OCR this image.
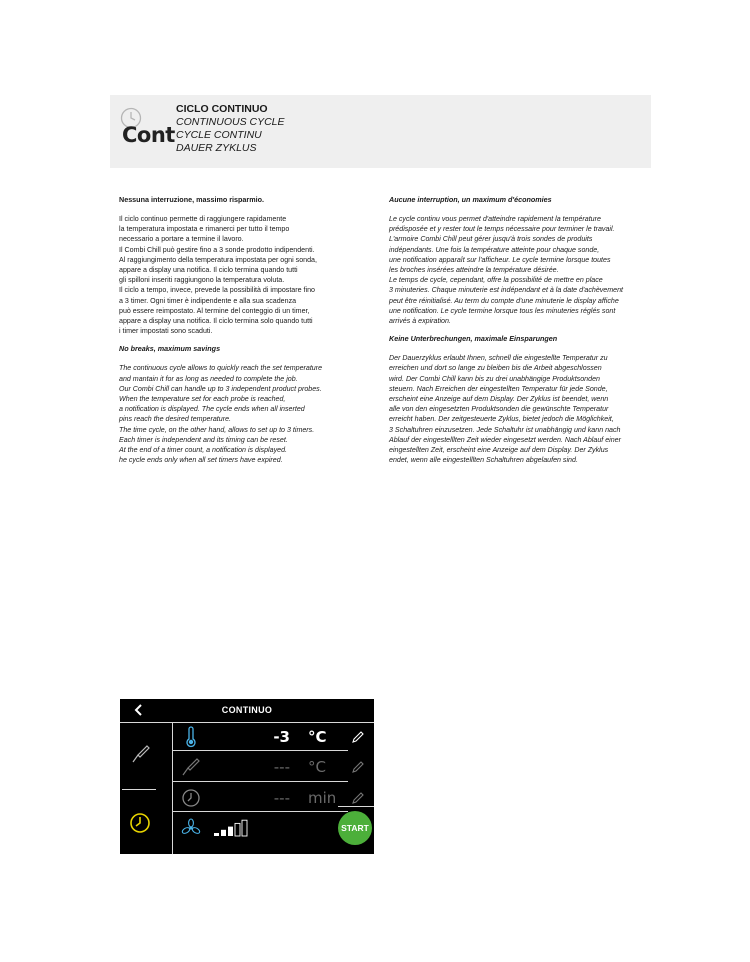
Cont
CICLO CONTINUO
CONTINUOUS CYCLE
CYCLE CONTINU
DAUER ZYKLUS
Nessuna interruzione, massimo risparmio.

Il ciclo continuo permette di raggiungere rapidamente
la temperatura impostata e rimanerci per tutto il tempo
necessario a portare a termine il lavoro.
Il Combi Chill può gestire fino a 3 sonde prodotto indipendenti.
Al raggiungimento della temperatura impostata per ogni sonda,
appare a display una notifica. Il ciclo termina quando tutti
gli spilloni inseriti raggiungono la temperatura voluta.
Il ciclo a tempo, invece, prevede la possibilità di impostare fino
a 3 timer. Ogni timer è indipendente e alla sua scadenza
può essere reimpostato. Al termine del conteggio di un timer,
appare a display una notifica. Il ciclo termina solo quando tutti
i timer impostati sono scaduti.

No breaks, maximum savings

The continuous cycle allows to quickly reach the set temperature
and mantain it for as long as needed to complete the job.
Our Combi Chill can handle up to 3 independent product probes.
When the temperature set for each probe is reached,
a notification is displayed. The cycle ends when all inserted
pins reach the desired temperature.
The time cycle, on the other hand, allows to set up to 3 timers.
Each timer is independent and its timing can be reset.
At the end of a timer count, a notification is displayed.
he cycle ends only when all set timers have expired.

Aucune interruption, un maximum d'économies

Le cycle continu vous permet d'atteindre rapidement la température
prédisposée et y rester tout le temps nécessaire pour terminer le travail.
L'armoire Combi Chill peut gérer jusqu'à trois sondes de produits
indépendants. Une fois la température atteinte pour chaque sonde,
une notification apparaît sur l'afficheur. Le cycle termine lorsque toutes
les broches insérées atteindre la température désirée.
Le temps de cycle, cependant, offre la possibilité de mettre en place
3 minuteries. Chaque minuterie est indépendant et à la date d'achèvement
peut être réinitialisé. Au term du compte d'une minuterie le display affiche
une notification. Le cycle termine lorsque tous les minuteries réglés sont
arrivés à expiration.

Keine Unterbrechungen, maximale Einsparungen

Der Dauerzyklus erlaubt Ihnen, schnell die eingestellte Temperatur zu
erreichen und dort so lange zu bleiben bis die Arbeit abgeschlossen
wird. Der Combi Chill kann bis zu drei unabhängige Produktsonden
steuern. Nach Erreichen der eingestellten Temperatur für jede Sonde,
erscheint eine Anzeige auf dem Display. Der Zyklus ist beendet, wenn
alle von den eingesetzten Produktsonden die gewünschte Temperatur
erreicht haben. Der zeitgesteuerte Zyklus, bietet jedoch die Möglichkeit,
3 Schaltuhren einzusetzen. Jede Schaltuhr ist unabhängig und kann nach
Ablauf der eingestelllten Zeit wieder eingesetzt werden. Nach Ablauf einer
eingestellten Zeit, erscheint eine Anzeige auf dem Display. Der Zyklus
endet, wenn alle eingestelllten Schaltuhren abgelaufen sind.

CONTINUO
-3 °C
--- °C
--- min
START
